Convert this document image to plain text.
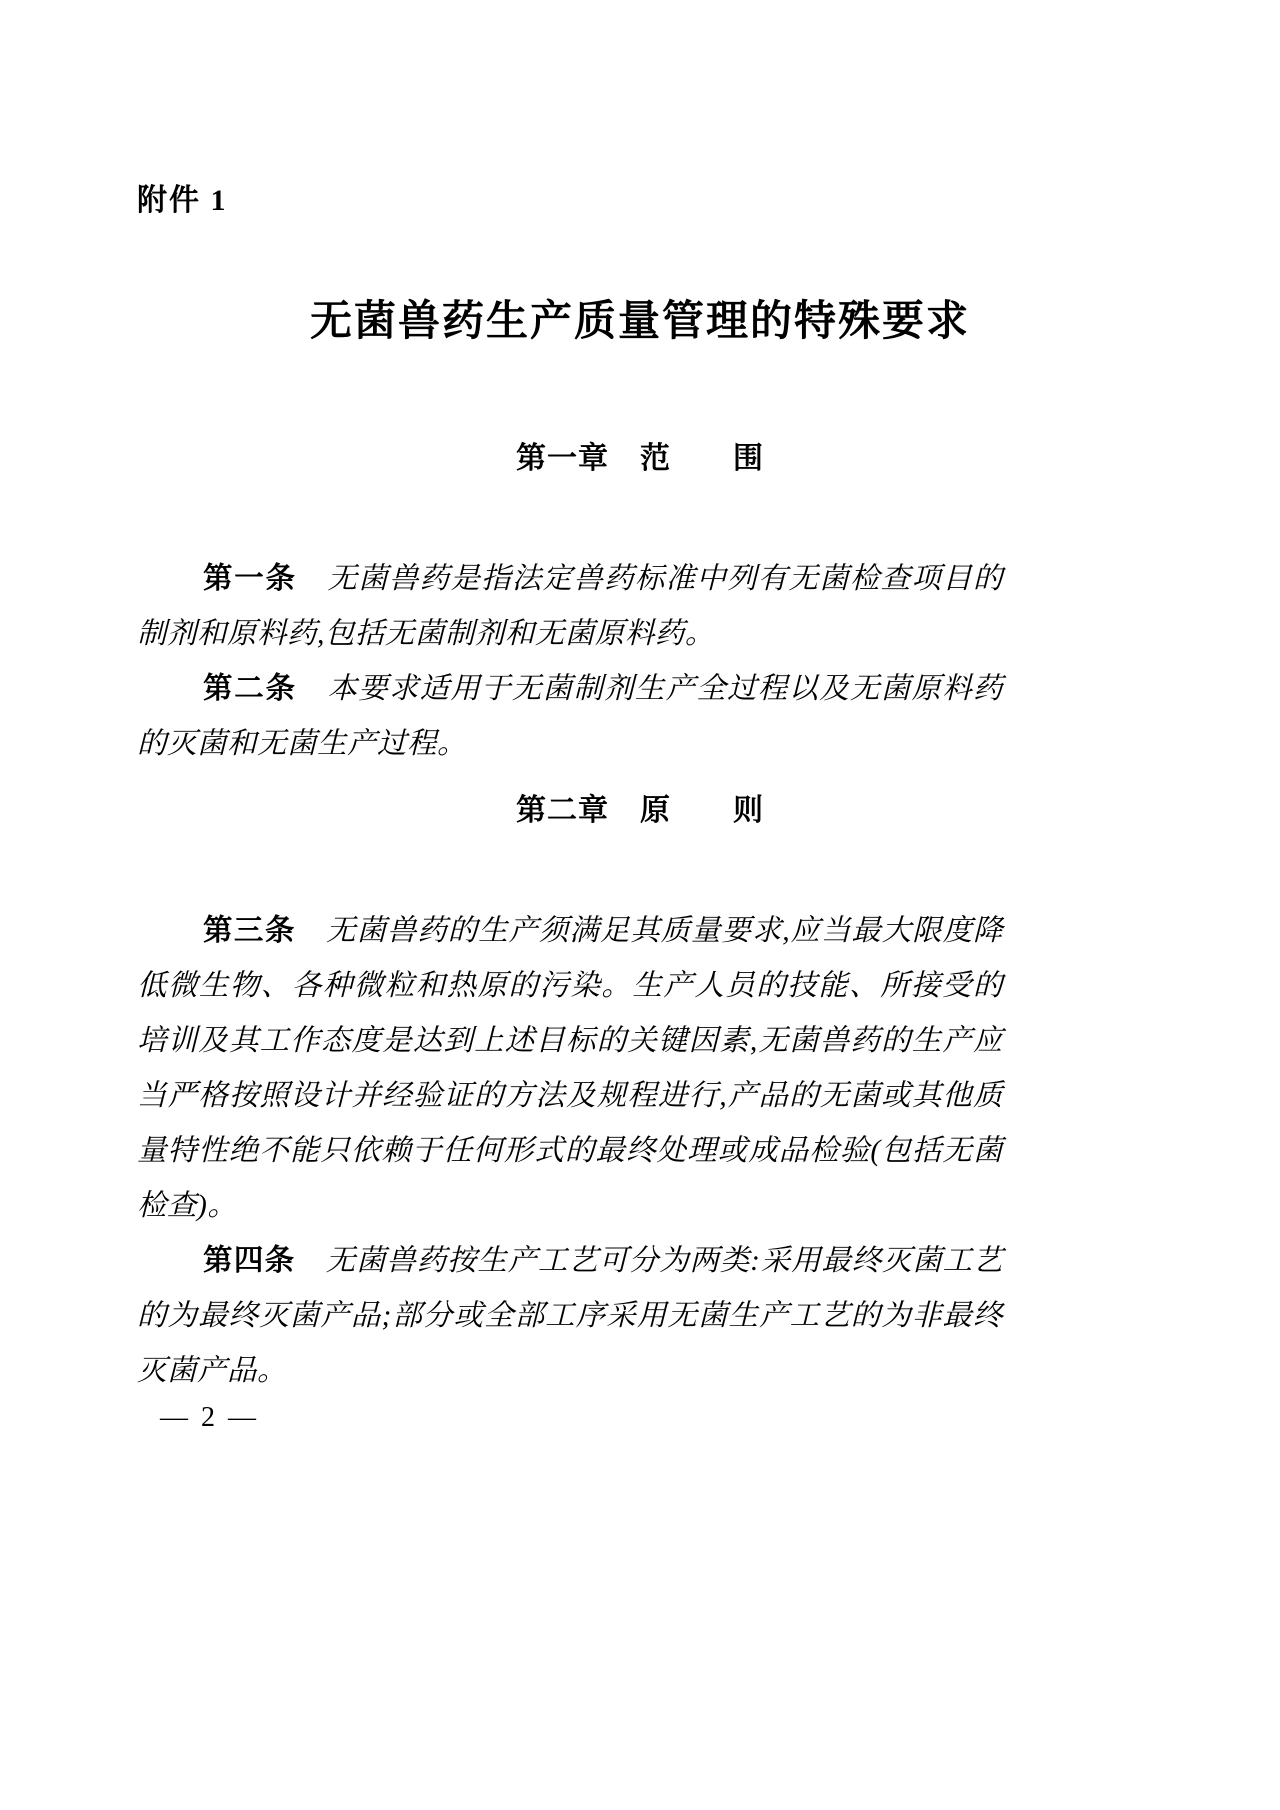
附件 1
无菌兽药生产质量管理的特殊要求
第一章　范　　围

第一条　 无菌兽药是指法定兽药标准中列有无菌检查项目的制剂和原料药,包括无菌制剂和无菌原料药。

第二条　 本要求适用于无菌制剂生产全过程以及无菌原料药的灭菌和无菌生产过程。

第二章　原　　则

第三条　 无菌兽药的生产须满足其质量要求,应当最大限度降低微生物、各种微粒和热原的污染。生产人员的技能、所接受的培训及其工作态度是达到上述目标的关键因素,无菌兽药的生产应当严格按照设计并经验证的方法及规程进行,产品的无菌或其他质量特性绝不能只依赖于任何形式的最终处理或成品检验(包括无菌检查)。

第四条　 无菌兽药按生产工艺可分为两类:采用最终灭菌工艺的为最终灭菌产品;部分或全部工序采用无菌生产工艺的为非最终灭菌产品。

— 2 —
